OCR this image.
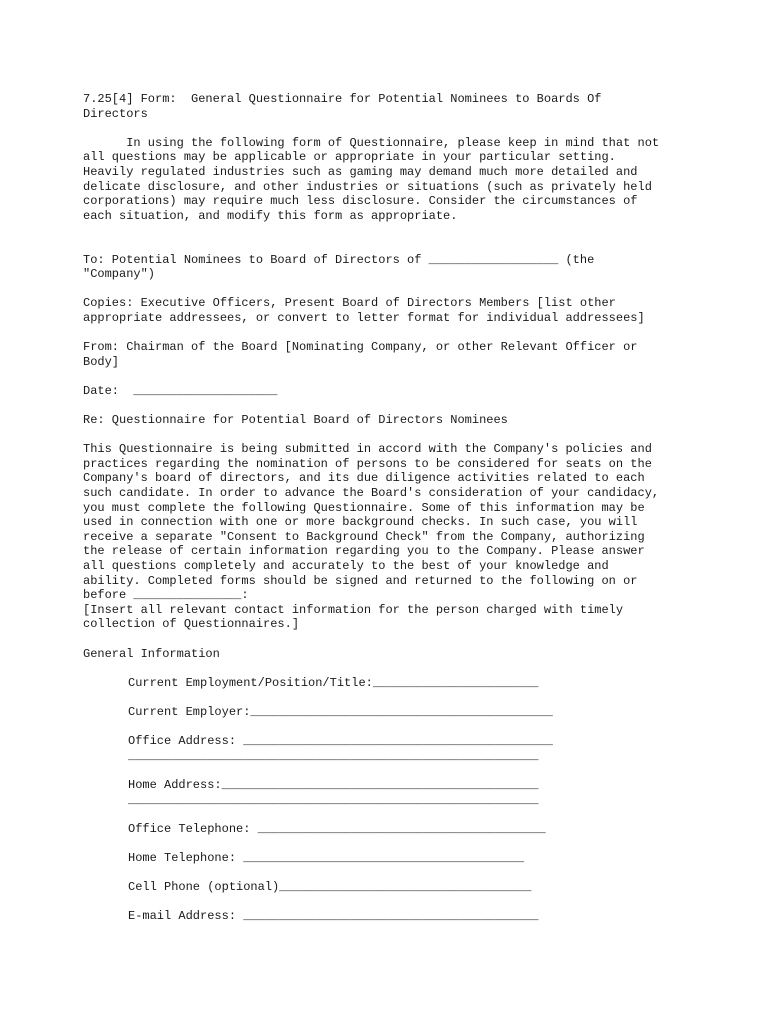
7.25[4] Form:  General Questionnaire for Potential Nominees to Boards Of
Directors
In using the following form of Questionnaire, please keep in mind that not
all questions may be applicable or appropriate in your particular setting.
Heavily regulated industries such as gaming may demand much more detailed and
delicate disclosure, and other industries or situations (such as privately held
corporations) may require much less disclosure. Consider the circumstances of
each situation, and modify this form as appropriate.
To: Potential Nominees to Board of Directors of __________________ (the
"Company")
Copies: Executive Officers, Present Board of Directors Members [list other
appropriate addressees, or convert to letter format for individual addressees]
From: Chairman of the Board [Nominating Company, or other Relevant Officer or
Body]
Date:  ____________________
Re: Questionnaire for Potential Board of Directors Nominees
This Questionnaire is being submitted in accord with the Company's policies and
practices regarding the nomination of persons to be considered for seats on the
Company's board of directors, and its due diligence activities related to each
such candidate. In order to advance the Board's consideration of your candidacy,
you must complete the following Questionnaire. Some of this information may be
used in connection with one or more background checks. In such case, you will
receive a separate "Consent to Background Check" from the Company, authorizing
the release of certain information regarding you to the Company. Please answer
all questions completely and accurately to the best of your knowledge and
ability. Completed forms should be signed and returned to the following on or
before _______________:
[Insert all relevant contact information for the person charged with timely
collection of Questionnaires.]
General Information
Current Employment/Position/Title:_______________________
Current Employer:__________________________________________
Office Address: ___________________________________________
_________________________________________________________
Home Address:____________________________________________
_________________________________________________________
Office Telephone: ________________________________________
Home Telephone: _______________________________________
Cell Phone (optional)___________________________________
E-mail Address: _________________________________________
